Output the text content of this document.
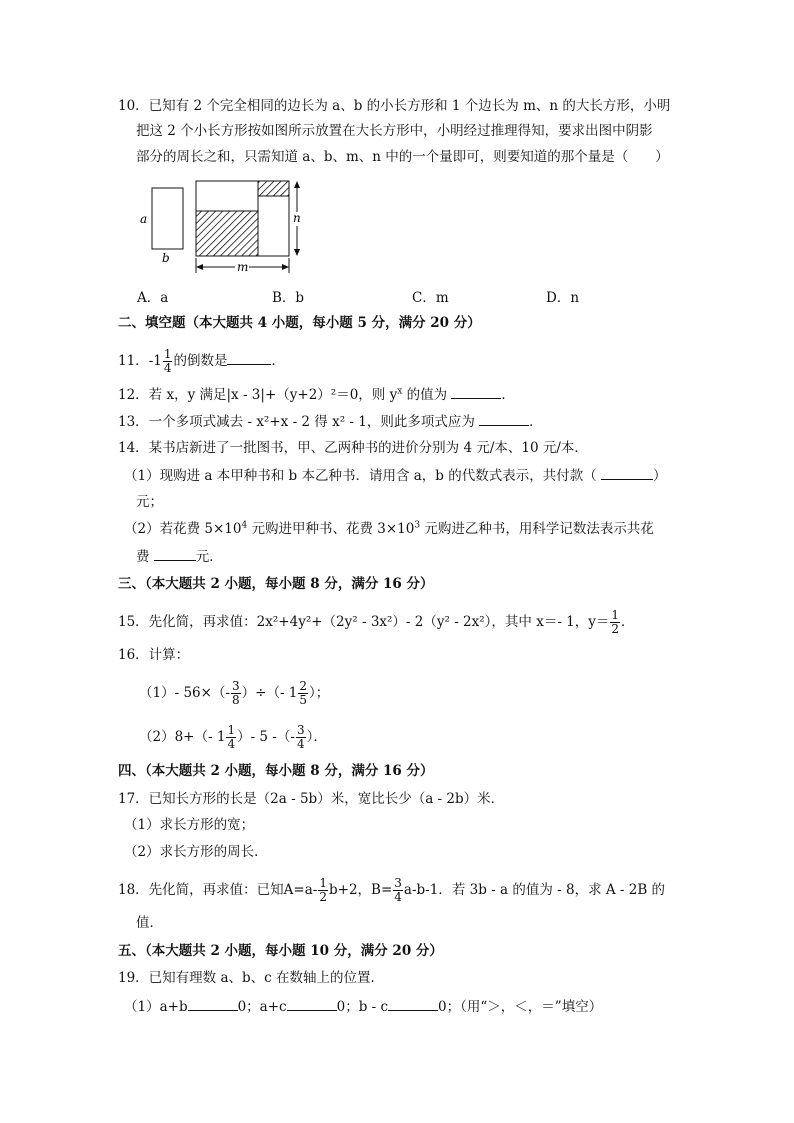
10．已知有 2 个完全相同的边长为 a、b 的小长方形和 1 个边长为 m、n 的大长方形，小明
把这 2 个小长方形按如图所示放置在大长方形中，小明经过推理得知，要求出图中阴影
部分的周长之和，只需知道 a、b、m、n 中的一个量即可，则要知道的那个量是（　　）
a
b
n
m
A．a	B．b	C．m	D．n
二、填空题（本大题共 4 小题，每小题 5 分，满分 20 分）
11．$-1 \frac{1}{4}$ 的倒数是	．
12．若 x，y 满足|x - 3|+（y+2）²＝0，则 $y^x$ 的值为	．
13．一个多项式减去 - x²+x - 2 得 x² - 1，则此多项式应为	．
14．某书店新进了一批图书，甲、乙两种书的进价分别为 4 元/本、10 元/本．
（1）现购进 a 本甲种书和 b 本乙种书．请用含 a，b 的代数式表示，共付款（	）
元；
（2）若花费 $5\times 10^4$ 元购进甲种书、花费 $3\times 10^3$ 元购进乙种书，用科学记数法表示共花
费	元．
三、（本大题共 2 小题，每小题 8 分，满分 16 分）
15．先化简，再求值：2x²+4y²+（2y² - 3x²）- 2（y² - 2x²），其中 x＝- 1，$y= \frac{1}{2}$ ．
16．计算：
（1）- $56\times(- \frac{3}{8}$ ）÷（- $1 \frac{2}{5}$ ）；
（2）8+（- $1 \frac{1}{4}$ ）- 5 -（- $\frac{3}{4}$ ）．
四、（本大题共 2 小题，每小题 8 分，满分 16 分）
17．已知长方形的长是（2a - 5b）米，宽比长少（a - 2b）米．
（1）求长方形的宽；
（2）求长方形的周长．
18．先化简，再求值：已知$A=a- \frac{1}{2} b+2$，$B= \frac{3}{4} a-b-1$．若 3b - a 的值为 - 8，求 A - 2B 的
值．
五、（本大题共 2 小题，每小题 10 分，满分 20 分）
19．已知有理数 a、b、c 在数轴上的位置．
（1）a+b	0；a+c	0；b - c	0；（用“＞，＜，＝”填空）
